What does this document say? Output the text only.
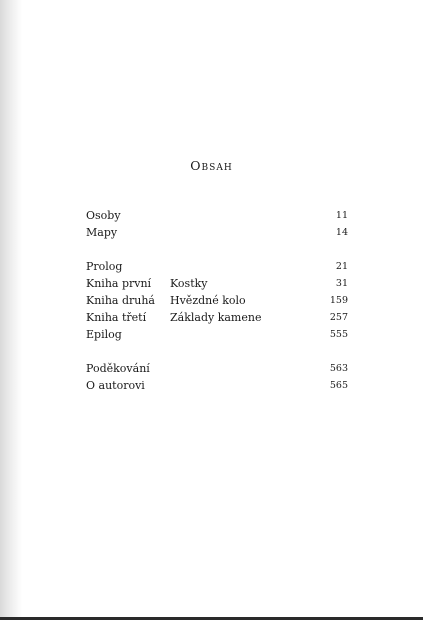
Obsah
Osoby	11
Mapy	14
Prolog	21
Kniha první Kostky	31
Kniha druhá Hvězdné kolo	159
Kniha třetí Základy kamene	257
Epilog	555
Poděkování	563
O autorovi	565
